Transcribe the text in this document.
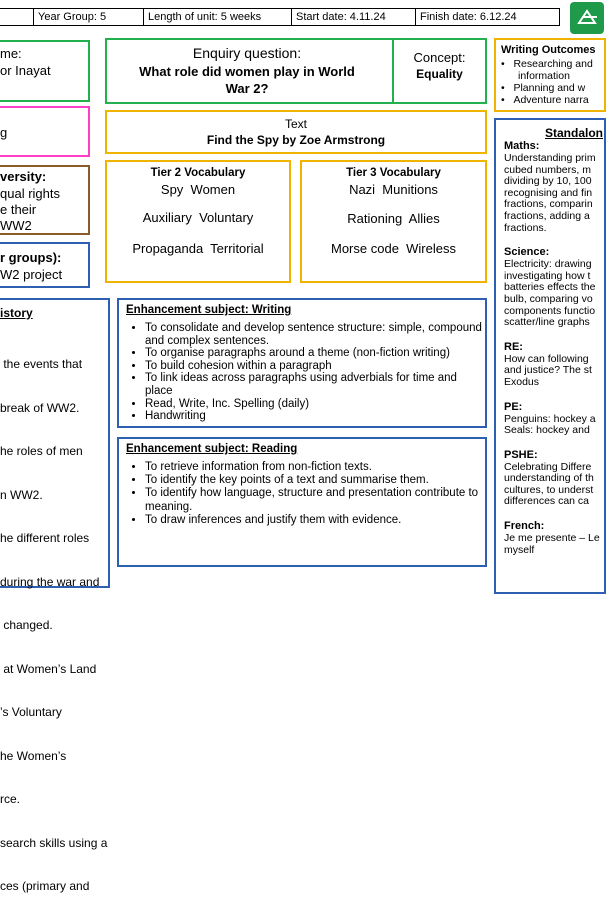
Year Group: 5	Length of unit: 5 weeks	Start date: 4.11.24	Finish date: 6.12.24
me:
or Inayat
g
versity:
qual rights
e their
WW2
r groups):
W2 project
istory

the events that

break of WW2.

he roles of men

n WW2.

he different roles

during the war and

changed.

at Women’s Land

’s Voluntary

he Women’s

rce.

search skills using a

ces (primary and

Enquiry question:
What role did women play in World
War 2?
Concept:
Equality
Text
Find the Spy by Zoe Armstrong
Tier 2 Vocabulary
Spy  Women
Auxiliary  Voluntary
Propaganda  Territorial
Tier 3 Vocabulary
Nazi  Munitions
Rationing  Allies
Morse code  Wireless
Enhancement subject: Writing
• To consolidate and develop sentence structure: simple, compound and complex sentences.
• To organise paragraphs around a theme (non-fiction writing)
• To build cohesion within a paragraph
• To link ideas across paragraphs using adverbials for time and place
• Read, Write, Inc. Spelling (daily)
• Handwriting
Enhancement subject: Reading
• To retrieve information from non-fiction texts.
• To identify the key points of a text and summarise them.
• To identify how language, structure and presentation contribute to meaning.
• To draw inferences and justify them with evidence.
Writing Outcomes
•   Researching and
information
•   Planning and w
•   Adventure narra
Standalon
Maths:
Understanding prim
cubed numbers, m
dividing by 10, 100
recognising and fin
fractions, comparin
fractions, adding a
fractions.
Science:
Electricity: drawing
investigating how t
batteries effects the
bulb, comparing vo
components functio
scatter/line graphs
RE:
How can following
and justice? The st
Exodus
PE:
Penguins: hockey a
Seals: hockey and
PSHE:
Celebrating Differe
understanding of th
cultures, to underst
differences can ca
French:
Je me presente – Le
myself
